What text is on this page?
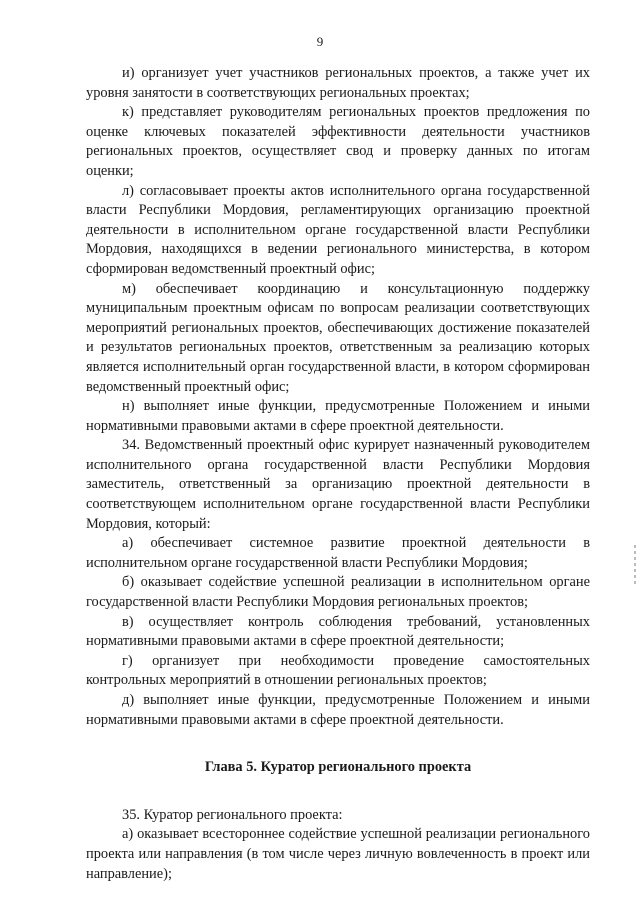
9

и) организует учет участников региональных проектов, а также учет их уровня занятости в соответствующих региональных проектах;

к) представляет руководителям региональных проектов предложения по оценке ключевых показателей эффективности деятельности участников региональных проектов, осуществляет свод и проверку данных по итогам оценки;

л) согласовывает проекты актов исполнительного органа государственной власти Республики Мордовия, регламентирующих организацию проектной деятельности в исполнительном органе государственной власти Республики Мордовия, находящихся в ведении регионального министерства, в котором сформирован ведомственный проектный офис;

м) обеспечивает координацию и консультационную поддержку муниципальным проектным офисам по вопросам реализации соответствующих мероприятий региональных проектов, обеспечивающих достижение показателей и результатов региональных проектов, ответственным за реализацию которых является исполнительный орган государственной власти, в котором сформирован ведомственный проектный офис;

н) выполняет иные функции, предусмотренные Положением и иными нормативными правовыми актами в сфере проектной деятельности.

34. Ведомственный проектный офис курирует назначенный руководителем исполнительного органа государственной власти Республики Мордовия заместитель, ответственный за организацию проектной деятельности в соответствующем исполнительном органе государственной власти Республики Мордовия, который:

а) обеспечивает системное развитие проектной деятельности в исполнительном органе государственной власти Республики Мордовия;

б) оказывает содействие успешной реализации в исполнительном органе государственной власти Республики Мордовия региональных проектов;

в) осуществляет контроль соблюдения требований, установленных нормативными правовыми актами в сфере проектной деятельности;

г) организует при необходимости проведение самостоятельных контрольных мероприятий в отношении региональных проектов;

д) выполняет иные функции, предусмотренные Положением и иными нормативными правовыми актами в сфере проектной деятельности.

Глава 5. Куратор регионального проекта

35. Куратор регионального проекта:

а) оказывает всестороннее содействие успешной реализации регионального проекта или направления (в том числе через личную вовлеченность в проект или направление);
